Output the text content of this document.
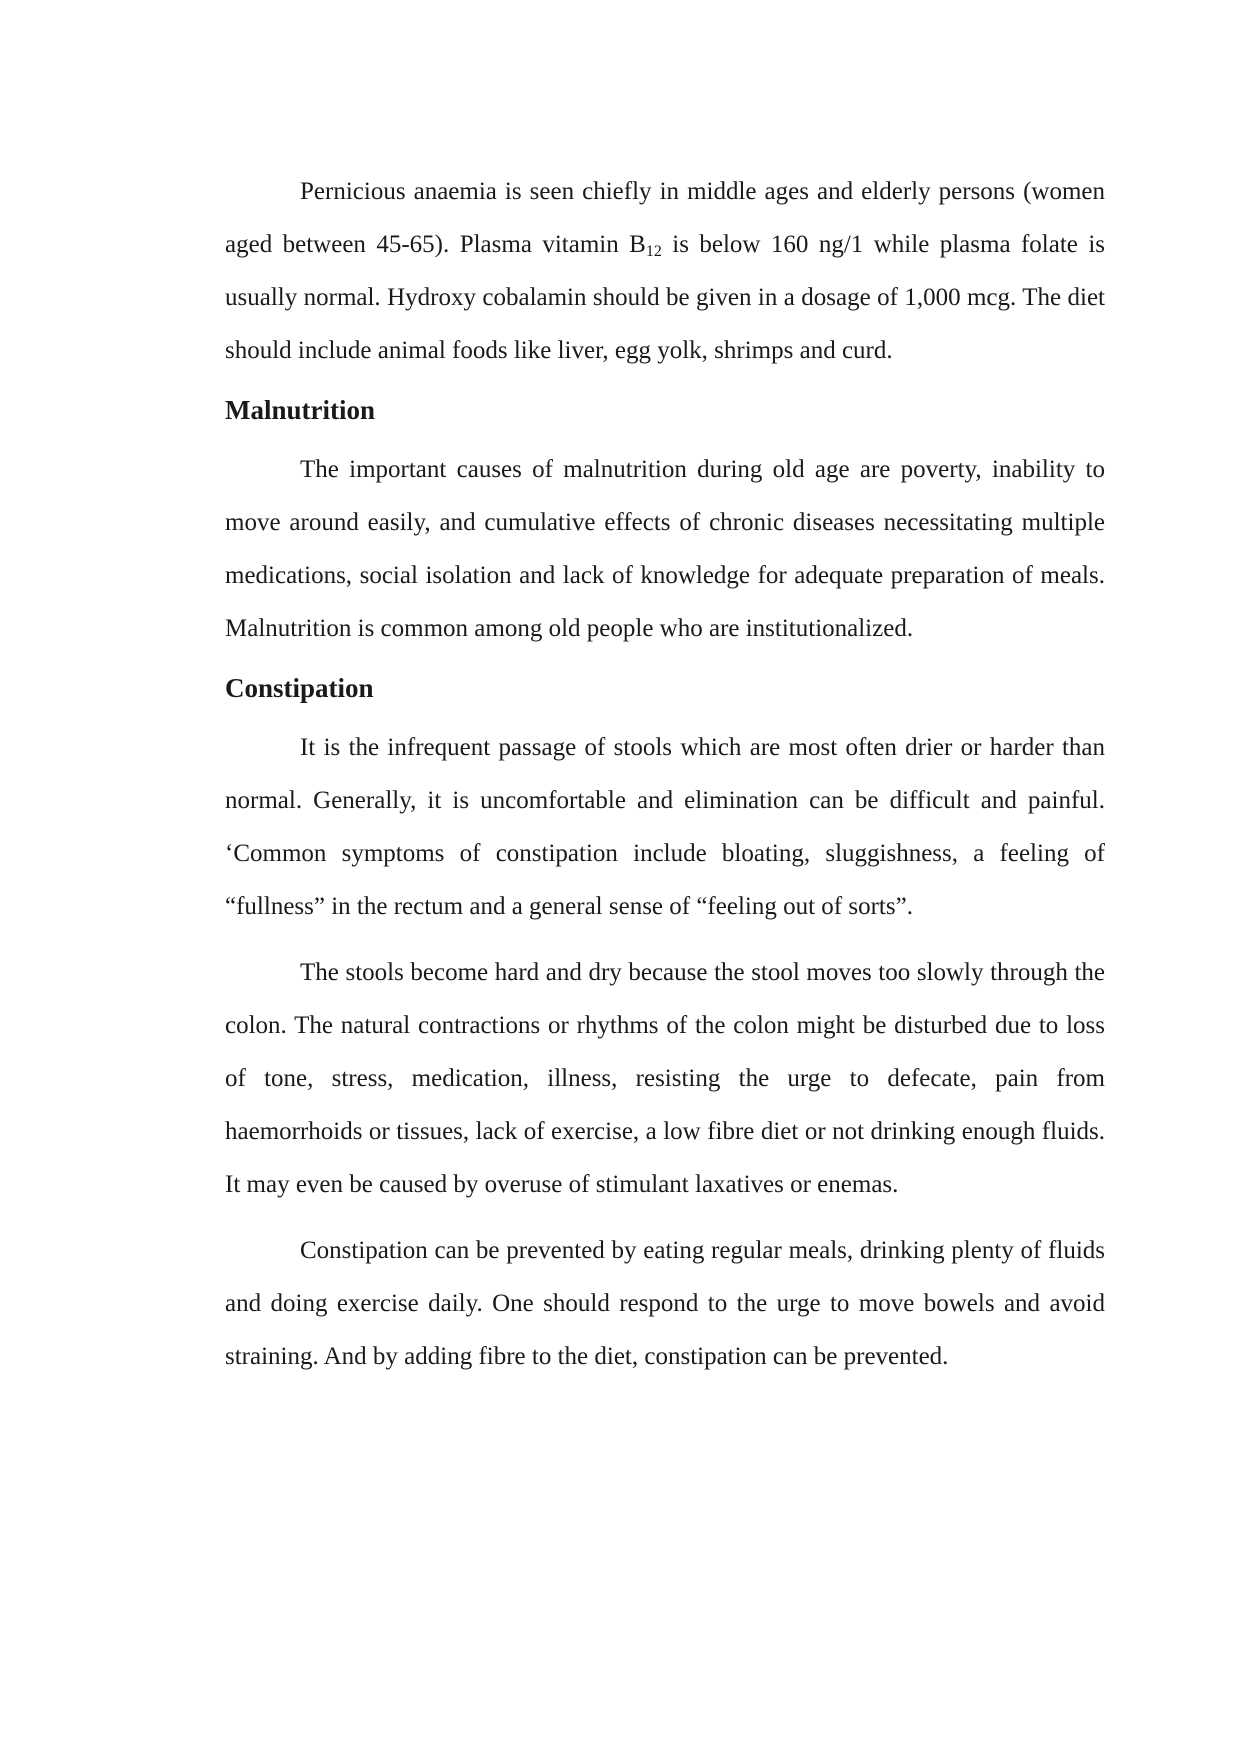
Pernicious anaemia is seen chiefly in middle ages and elderly persons (women aged between 45-65). Plasma vitamin $B_{12}$ is below 160 ng/1 while plasma folate is usually normal. Hydroxy cobalamin should be given in a dosage of 1,000 mcg. The diet should include animal foods like liver, egg yolk, shrimps and curd.

Malnutrition

The important causes of malnutrition during old age are poverty, inability to move around easily, and cumulative effects of chronic diseases necessitating multiple medications, social isolation and lack of knowledge for adequate preparation of meals. Malnutrition is common among old people who are institutionalized.

Constipation

It is the infrequent passage of stools which are most often drier or harder than normal. Generally, it is uncomfortable and elimination can be difficult and painful. ‘Common symptoms of constipation include bloating, sluggishness, a feeling of “fullness” in the rectum and a general sense of “feeling out of sorts”.

The stools become hard and dry because the stool moves too slowly through the colon. The natural contractions or rhythms of the colon might be disturbed due to loss of tone, stress, medication, illness, resisting the urge to defecate, pain from haemorrhoids or tissues, lack of exercise, a low fibre diet or not drinking enough fluids. It may even be caused by overuse of stimulant laxatives or enemas.

Constipation can be prevented by eating regular meals, drinking plenty of fluids and doing exercise daily. One should respond to the urge to move bowels and avoid straining. And by adding fibre to the diet, constipation can be prevented.
